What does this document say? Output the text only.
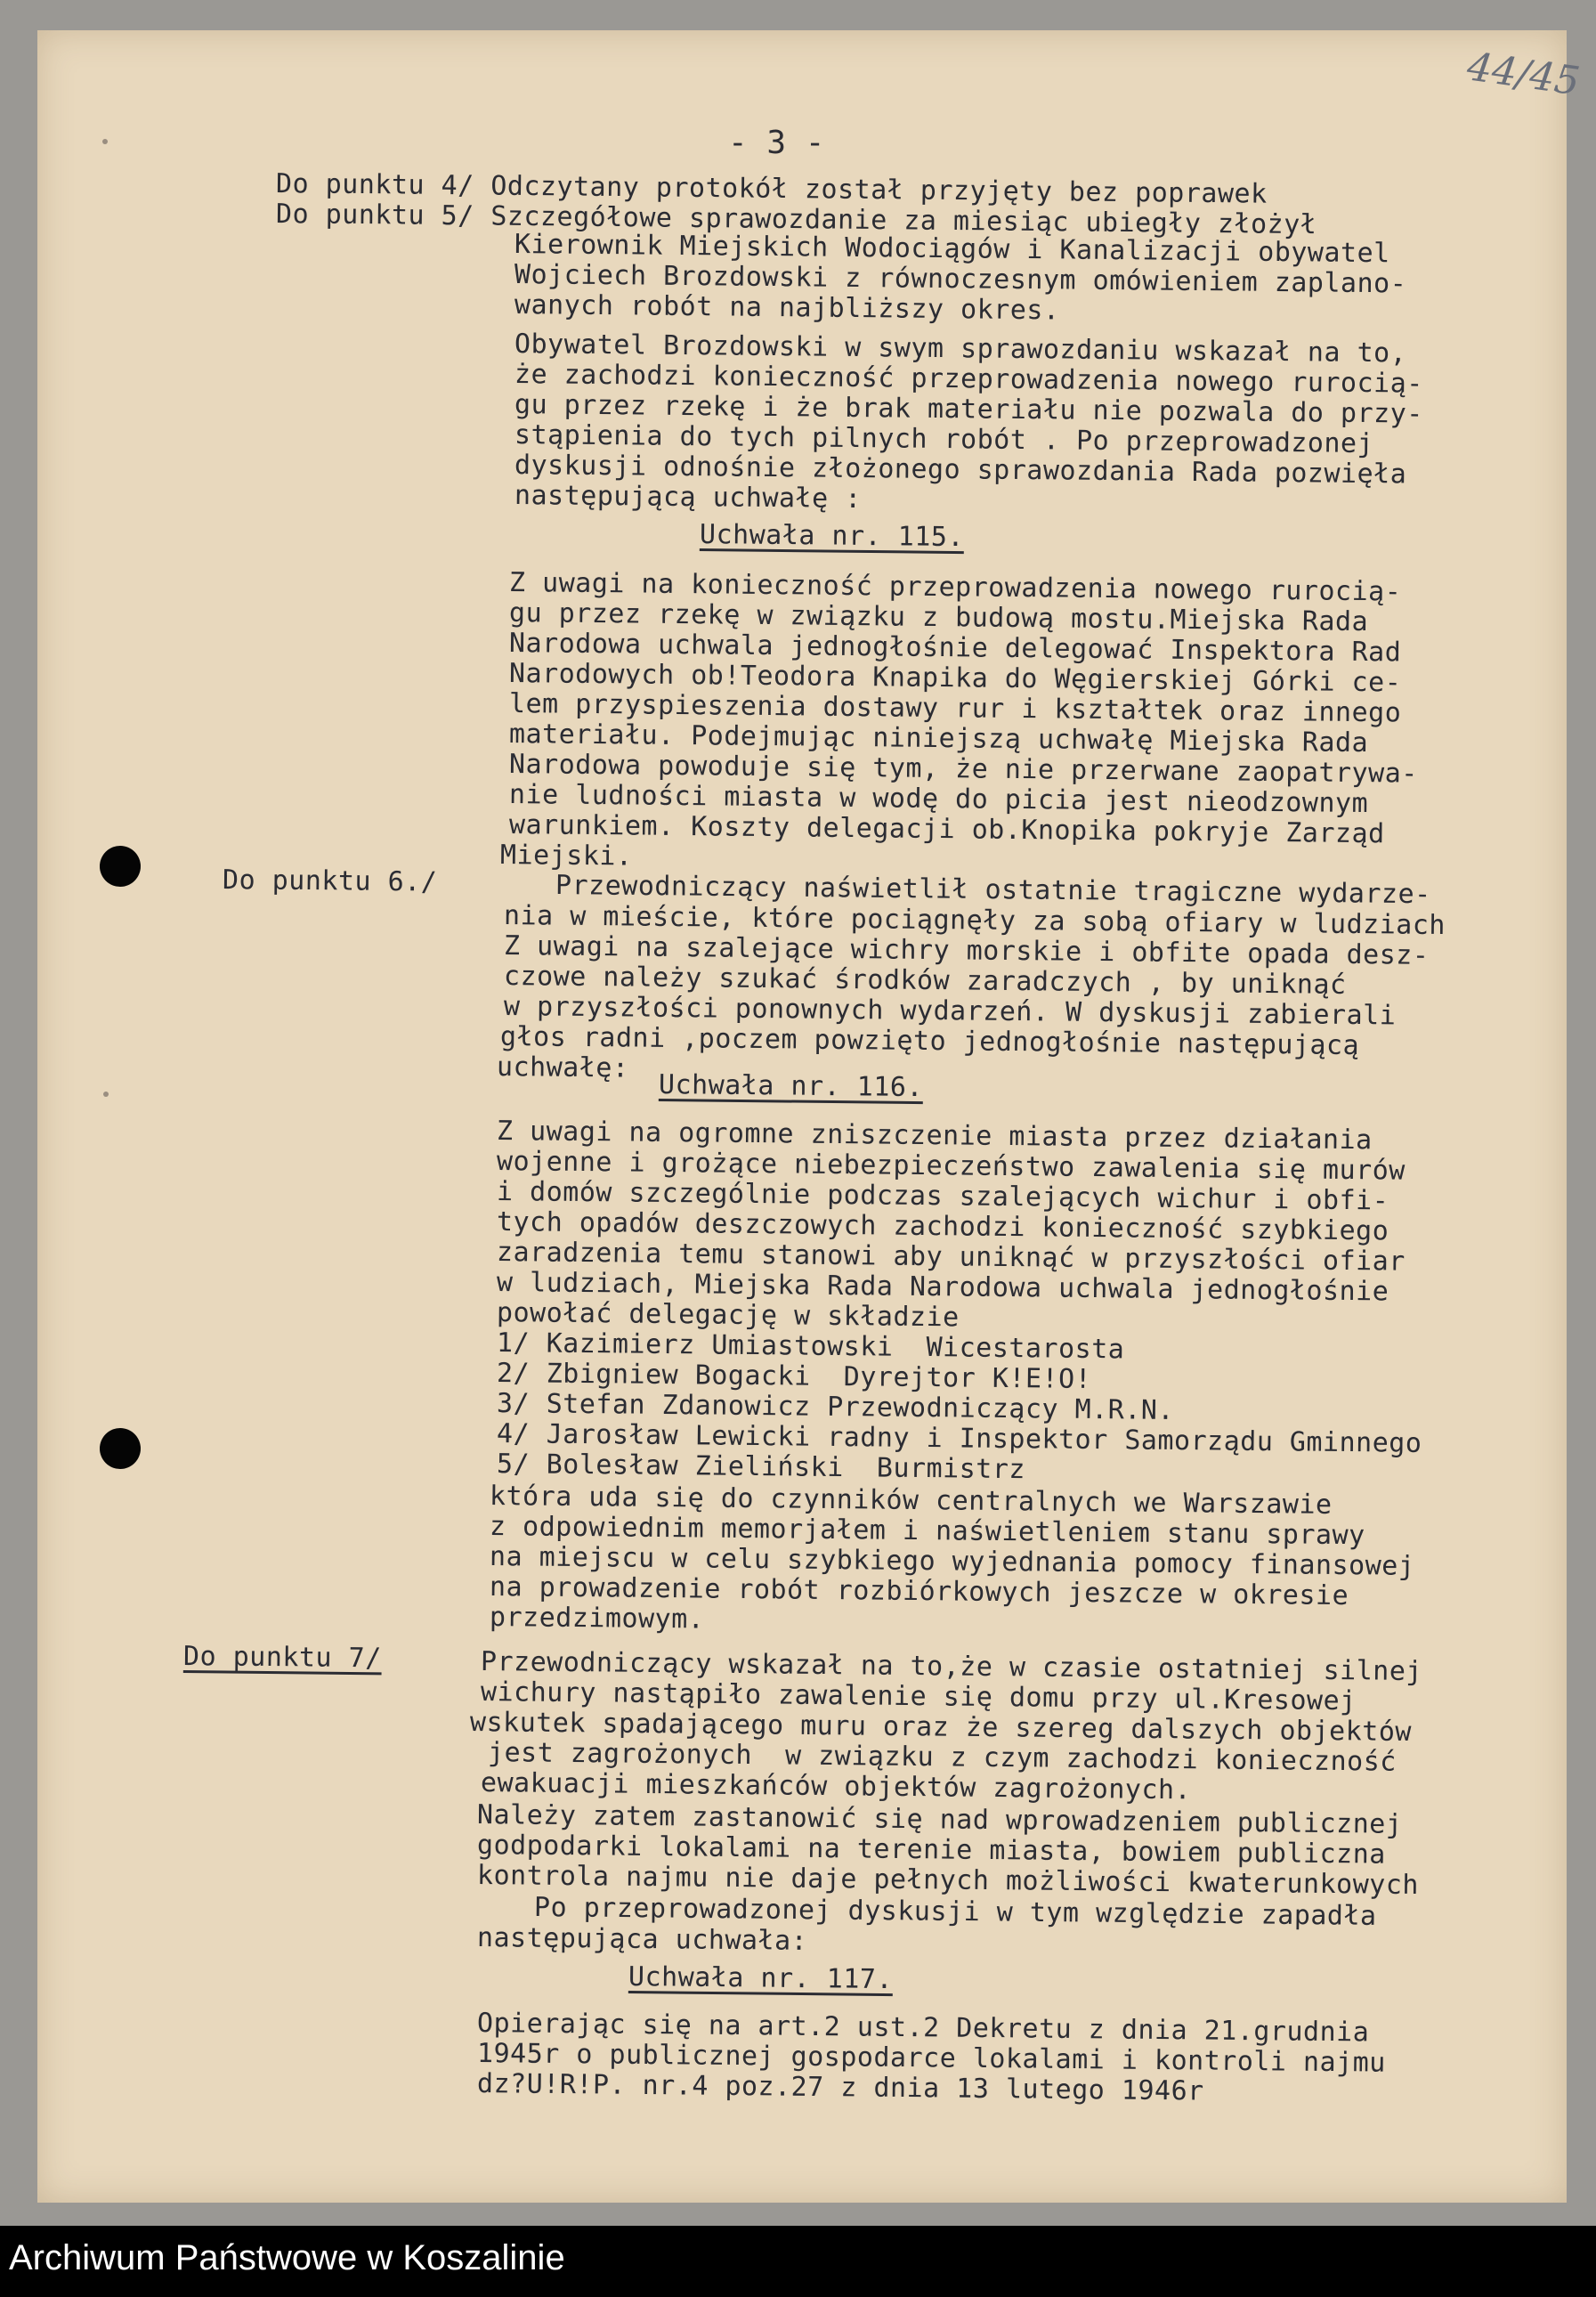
44/45
- 3 -
Do punktu 4/ Odczytany protokół został przyjęty bez poprawek
Do punktu 5/ Szczegółowe sprawozdanie za miesiąc ubiegły złożył
Kierownik Miejskich Wodociągów i Kanalizacji obywatel
Wojciech Brozdowski z równoczesnym omówieniem zaplano-
wanych robót na najbliższy okres.
Obywatel Brozdowski w swym sprawozdaniu wskazał na to,
że zachodzi konieczność przeprowadzenia nowego rurocią-
gu przez rzekę i że brak materiału nie pozwala do przy-
stąpienia do tych pilnych robót . Po przeprowadzonej
dyskusji odnośnie złożonego sprawozdania Rada pozwięła
następującą uchwałę :
Uchwała nr. 115.
Z uwagi na konieczność przeprowadzenia nowego rurocią-
gu przez rzekę w związku z budową mostu.Miejska Rada
Narodowa uchwala jednogłośnie delegować Inspektora Rad
Narodowych ob!Teodora Knapika do Węgierskiej Górki ce-
lem przyspieszenia dostawy rur i kształtek oraz innego
materiału. Podejmując niniejszą uchwałę Miejska Rada
Narodowa powoduje się tym, że nie przerwane zaopatrywa-
nie ludności miasta w wodę do picia jest nieodzownym
warunkiem. Koszty delegacji ob.Knopika pokryje Zarząd
Miejski.
Do punktu 6./	Przewodniczący naświetlił ostatnie tragiczne wydarze-
nia w mieście, które pociągnęły za sobą ofiary w ludziach
Z uwagi na szalejące wichry morskie i obfite opada desz-
czowe należy szukać środków zaradczych , by uniknąć
w przyszłości ponownych wydarzeń. W dyskusji zabierali
głos radni ,poczem powzięto jednogłośnie następującą
uchwałę:
Uchwała nr. 116.
Z uwagi na ogromne zniszczenie miasta przez działania
wojenne i grożące niebezpieczeństwo zawalenia się murów
i domów szczególnie podczas szalejących wichur i obfi-
tych opadów deszczowych zachodzi konieczność szybkiego
zaradzenia temu stanowi aby uniknąć w przyszłości ofiar
w ludziach, Miejska Rada Narodowa uchwala jednogłośnie
powołać delegację w składzie
1/ Kazimierz Umiastowski  Wicestarosta
2/ Zbigniew Bogacki  Dyrejtor K!E!O!
3/ Stefan Zdanowicz Przewodniczący M.R.N.
4/ Jarosław Lewicki radny i Inspektor Samorządu Gminnego
5/ Bolesław Zieliński  Burmistrz
która uda się do czynników centralnych we Warszawie
z odpowiednim memorjałem i naświetleniem stanu sprawy
na miejscu w celu szybkiego wyjednania pomocy finansowej
na prowadzenie robót rozbiórkowych jeszcze w okresie
przedzimowym.
Do punktu 7/	Przewodniczący wskazał na to,że w czasie ostatniej silnej
wichury nastąpiło zawalenie się domu przy ul.Kresowej
wskutek spadającego muru oraz że szereg dalszych objektów
jest zagrożonych  w związku z czym zachodzi konieczność
ewakuacji mieszkańców objektów zagrożonych.
Należy zatem zastanowić się nad wprowadzeniem publicznej
godpodarki lokalami na terenie miasta, bowiem publiczna
kontrola najmu nie daje pełnych możliwości kwaterunkowych
Po przeprowadzonej dyskusji w tym względzie zapadła
następująca uchwała:
Uchwała nr. 117.
Opierając się na art.2 ust.2 Dekretu z dnia 21.grudnia
1945r o publicznej gospodarce lokalami i kontroli najmu
dz?U!R!P. nr.4 poz.27 z dnia 13 lutego 1946r
Archiwum Państwowe w Koszalinie
